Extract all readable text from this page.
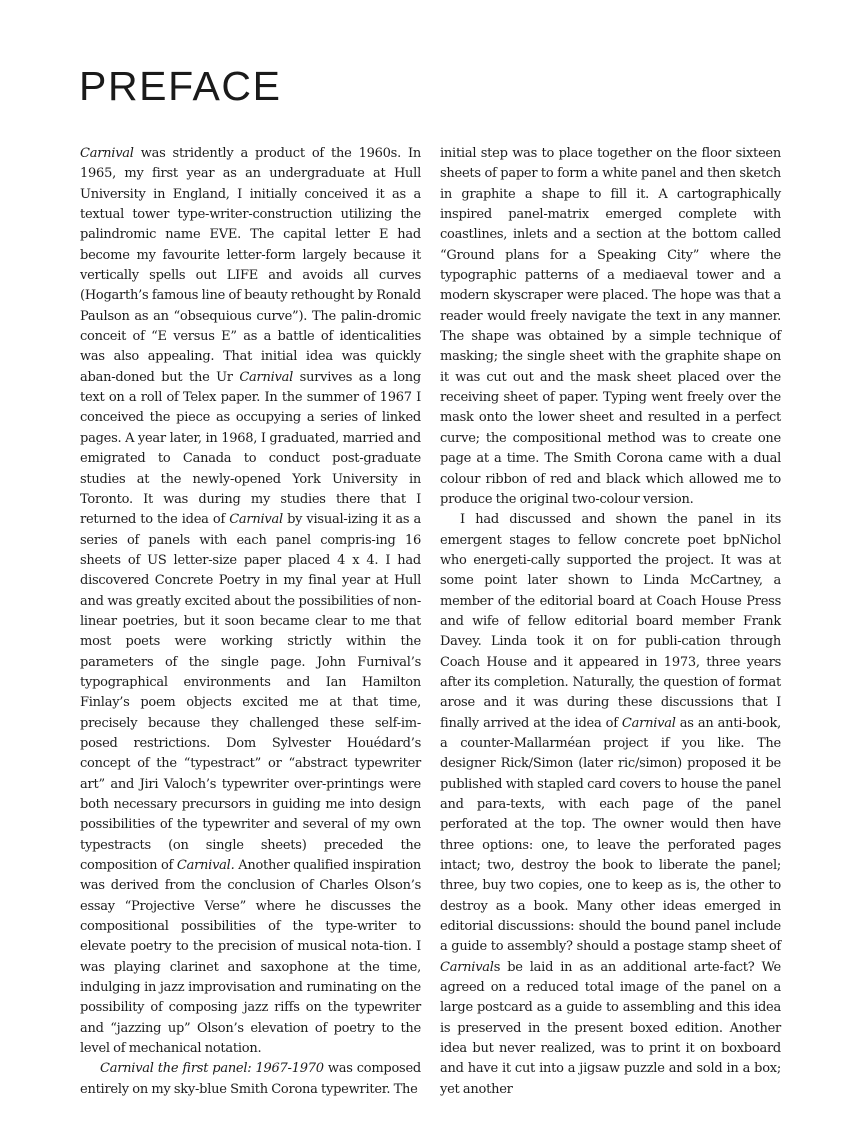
PREFACE

Carnival was stridently a product of the 1960s. In 1965, my first year as an undergraduate at Hull University in England, I initially conceived it as a textual tower type-writer-construction utilizing the palindromic name EVE. The capital letter E had become my favourite letter-form largely because it vertically spells out LIFE and avoids all curves (Hogarth’s famous line of beauty rethought by Ronald Paulson as an “obsequious curve”). The palin-dromic conceit of “E versus E” as a battle of identicalities was also appealing. That initial idea was quickly aban-doned but the Ur Carnival survives as a long text on a roll of Telex paper. In the summer of 1967 I conceived the piece as occupying a series of linked pages. A year later, in 1968, I graduated, married and emigrated to Canada to conduct post-graduate studies at the newly-opened York University in Toronto. It was during my studies there that I returned to the idea of Carnival by visual-izing it as a series of panels with each panel compris-ing 16 sheets of US letter-size paper placed 4 x 4. I had discovered Concrete Poetry in my final year at Hull and was greatly excited about the possibilities of non-linear poetries, but it soon became clear to me that most poets were working strictly within the parameters of the single page. John Furnival’s typographical environments and Ian Hamilton Finlay’s poem objects excited me at that time, precisely because they challenged these self-im-posed restrictions. Dom Sylvester Houédard’s concept of the “typestract” or “abstract typewriter art” and Jiri Valoch’s typewriter over-printings were both necessary precursors in guiding me into design possibilities of the typewriter and several of my own typestracts (on single sheets) preceded the composition of Carnival. Another qualified inspiration was derived from the conclusion of Charles Olson’s essay “Projective Verse” where he discusses the compositional possibilities of the type-writer to elevate poetry to the precision of musical nota-tion. I was playing clarinet and saxophone at the time, indulging in jazz improvisation and ruminating on the possibility of composing jazz riffs on the typewriter and “jazzing up” Olson’s elevation of poetry to the level of mechanical notation.

Carnival the first panel: 1967-1970 was composed entirely on my sky-blue Smith Corona typewriter. The

initial step was to place together on the floor sixteen sheets of paper to form a white panel and then sketch in graphite a shape to fill it. A cartographically inspired panel-matrix emerged complete with coastlines, inlets and a section at the bottom called “Ground plans for a Speaking City” where the typographic patterns of a mediaeval tower and a modern skyscraper were placed. The hope was that a reader would freely navigate the text in any manner. The shape was obtained by a simple technique of masking; the single sheet with the graphite shape on it was cut out and the mask sheet placed over the receiving sheet of paper. Typing went freely over the mask onto the lower sheet and resulted in a perfect curve; the compositional method was to create one page at a time. The Smith Corona came with a dual colour ribbon of red and black which allowed me to produce the original two-colour version.

I had discussed and shown the panel in its emergent stages to fellow concrete poet bpNichol who energeti-cally supported the project. It was at some point later shown to Linda McCartney, a member of the editorial board at Coach House Press and wife of fellow editorial board member Frank Davey. Linda took it on for publi-cation through Coach House and it appeared in 1973, three years after its completion. Naturally, the question of format arose and it was during these discussions that I finally arrived at the idea of Carnival as an anti-book, a counter-Mallarméan project if you like. The designer Rick/Simon (later ric/simon) proposed it be published with stapled card covers to house the panel and para-texts, with each page of the panel perforated at the top. The owner would then have three options: one, to leave the perforated pages intact; two, destroy the book to liberate the panel; three, buy two copies, one to keep as is, the other to destroy as a book. Many other ideas emerged in editorial discussions: should the bound panel include a guide to assembly? should a postage stamp sheet of Carnivals be laid in as an additional arte-fact? We agreed on a reduced total image of the panel on a large postcard as a guide to assembling and this idea is preserved in the present boxed edition. Another idea but never realized, was to print it on boxboard and have it cut into a jigsaw puzzle and sold in a box; yet another
